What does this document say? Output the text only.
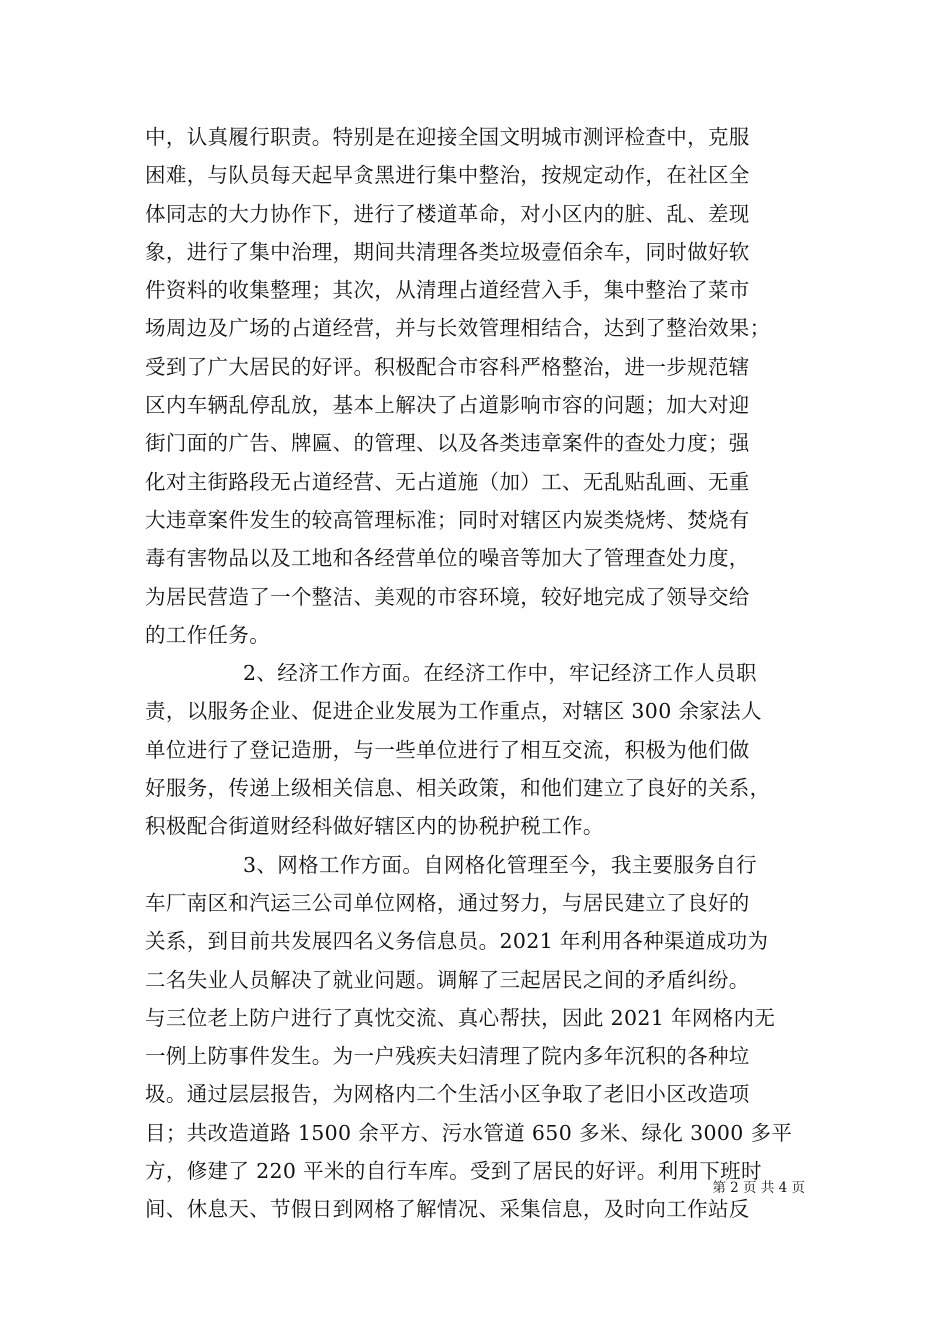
中，认真履行职责。特别是在迎接全国文明城市测评检查中，克服
困难，与队员每天起早贪黑进行集中整治，按规定动作，在社区全
体同志的大力协作下，进行了楼道革命，对小区内的脏、乱、差现
象，进行了集中治理，期间共清理各类垃圾壹佰余车，同时做好软
件资料的收集整理；其次，从清理占道经营入手，集中整治了菜市
场周边及广场的占道经营，并与长效管理相结合，达到了整治效果；
受到了广大居民的好评。积极配合市容科严格整治，进一步规范辖
区内车辆乱停乱放，基本上解决了占道影响市容的问题；加大对迎
街门面的广告、牌匾、的管理、以及各类违章案件的查处力度；强
化对主街路段无占道经营、无占道施（加）工、无乱贴乱画、无重
大违章案件发生的较高管理标准；同时对辖区内炭类烧烤、焚烧有
毒有害物品以及工地和各经营单位的噪音等加大了管理查处力度，
为居民营造了一个整洁、美观的市容环境，较好地完成了领导交给
的工作任务。
2、经济工作方面。在经济工作中，牢记经济工作人员职
责，以服务企业、促进企业发展为工作重点，对辖区 300 余家法人
单位进行了登记造册，与一些单位进行了相互交流，积极为他们做
好服务，传递上级相关信息、相关政策，和他们建立了良好的关系，
积极配合街道财经科做好辖区内的协税护税工作。
3、网格工作方面。自网格化管理至今，我主要服务自行
车厂南区和汽运三公司单位网格，通过努力，与居民建立了良好的
关系，到目前共发展四名义务信息员。2021 年利用各种渠道成功为
二名失业人员解决了就业问题。调解了三起居民之间的矛盾纠纷。
与三位老上防户进行了真忱交流、真心帮扶，因此 2021 年网格内无
一例上防事件发生。为一户残疾夫妇清理了院内多年沉积的各种垃
圾。通过层层报告，为网格内二个生活小区争取了老旧小区改造项
目；共改造道路 1500 余平方、污水管道 650 多米、绿化 3000 多平
方，修建了 220 平米的自行车库。受到了居民的好评。利用下班时
间、休息天、节假日到网格了解情况、采集信息，及时向工作站反
第 2 页 共 4 页
